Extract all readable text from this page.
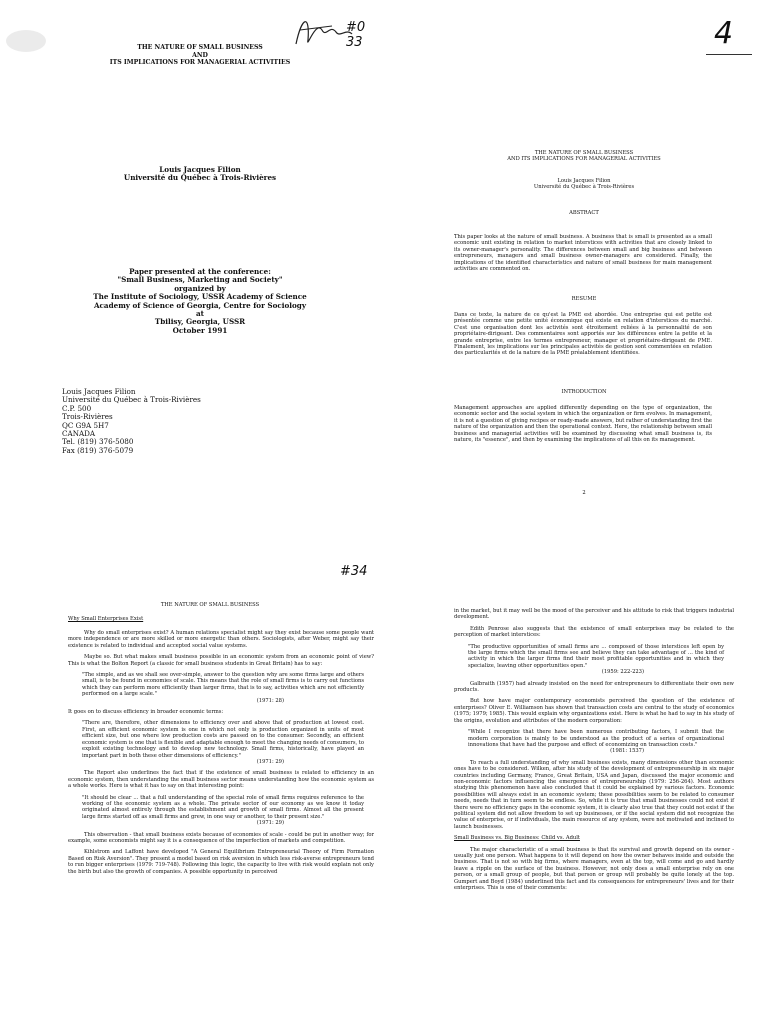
#0 33
THE NATURE OF SMALL BUSINESS
AND
ITS IMPLICATIONS FOR MANAGERIAL ACTIVITIES
Louis Jacques Filion
Université du Québec à Trois-Rivières
Paper presented at the conference:
"Small Business, Marketing and Society"
organized by
The Institute of Sociology, USSR Academy of Science
Academy of Science of Georgia, Centre for Sociology
at
Tbilisy, Georgia, USSR
October 1991
Louis Jacques Filion
Université du Québec à Trois-Rivières
C.P. 500
Trois-Rivières
QC G9A 5H7
CANADA
Tel. (819) 376-5080
Fax (819) 376-5079
4
THE NATURE OF SMALL BUSINESS
AND ITS IMPLICATIONS FOR MANAGERIAL ACTIVITIES
Louis Jacques Filion
Université du Québec à Trois-Rivières
ABSTRACT
This paper looks at the nature of small business. A business that is small is presented as a small economic unit existing in relation to market interstices with activities that are closely linked to its owner-manager's personality. The differences between small and big business and between entrepreneurs, managers and small business owner-managers are considered. Finally, the implications of the identified characteristics and nature of small business for main management activities are commented on.
RESUME
Dans ce texte, la nature de ce qu'est la PME est abordée. Une entreprise qui est petite est présentée comme une petite unité économique qui existe en relation d'interstices du marché. C'est une organisation dont les activités sont étroitement reliées à la personnalité de son propriétaire-dirigeant. Des commentaires sont apportés sur les différences entre la petite et la grande entreprise, entre les termes entrepreneur, manager et propriétaire-dirigeant de PME. Finalement, les implications sur les principales activités de gestion sont commentées en relation des particularités et de la nature de la PME préalablement identifiées.
INTRODUCTION
Management approaches are applied differently depending on the type of organization, the economic sector and the social system in which the organization or firm evolves. In management, it is not a question of giving recipes or ready-made answers, but rather of understanding first the nature of the organization and then the operational context. Here, the relationship between small business and managerial activities will be examined by discussing what small business is, its nature, its "essence", and then by examining the implications of all this on its management.
2
#34
THE NATURE OF SMALL BUSINESS
Why Small Enterprises Exist

Why do small enterprises exist? A human relations specialist might say they exist because some people want more independence or are more skilled or more energetic than others. Sociologists, after Weber, might say their existence is related to individual and accepted social value systems.

Maybe so. But what makes small business possible in an economic system from an economic point of view? This is what the Bolton Report (a classic for small business students in Great Britain) has to say:

"The simple, and as we shall see over-simple, answer to the question why are some firms large and others small, is to be found in economies of scale. This means that the role of small firms is to carry out functions which they can perform more efficiently than larger firms, that is to say, activities which are not efficiently performed on a large scale."

(1971: 28)

It goes on to discuss efficiency in broader economic terms:

"There are, therefore, other dimensions to efficiency over and above that of production at lowest cost. First, an efficient economic system is one in which not only is production organized in units of most efficient size, but one where low production costs are passed on to the consumer. Secondly, an efficient economic system is one that is flexible and adaptable enough to meet the changing needs of consumers, to exploit existing technology and to develop new technology. Small firms, historically, have played an important part in both these other dimensions of efficiency."

(1971: 29)

The Report also underlines the fact that if the existence of small business is related to efficiency in an economic system, then understanding the small business sector means understanding how the economic system as a whole works. Here is what it has to say on that interesting point:

"It should be clear ... that a full understanding of the special role of small firms requires reference to the working of the economic system as a whole. The private sector of our economy as we know it today originated almost entirely through the establishment and growth of small firms. Almost all the present large firms started off as small firms and grew, in one way or another, to their present size."

(1971: 29)

This observation - that small business exists because of economies of scale - could be put in another way; for example, some economists might say it is a consequence of the imperfection of markets and competition.

Kihlstrom and Laffont have developed "A General Equilibrium Entrepreneurial Theory of Firm Formation Based on Risk Aversion". They present a model based on risk aversion in which less risk-averse entrepreneurs tend to run bigger enterprises (1979: 719-748). Following this logic, the capacity to live with risk would explain not only the birth but also the growth of companies. A possible opportunity in perceived

in the market, but it may well be the mood of the perceiver and his attitude to risk that triggers industrial development.

Edith Penrose also suggests that the existence of small enterprises may be related to the perception of market interstices:

"The productive opportunities of small firms are ... composed of those interstices left open by the large firms which the small firms see and believe they can take advantage of ... the kind of activity in which the larger firms find their most profitable opportunities and in which they specialize, leaving other opportunities open."

(1959: 222-223)

Galbraith (1957) had already insisted on the need for entrepreneurs to differentiate their own new products.

But how have major contemporary economists perceived the question of the existence of enterprises? Oliver E. Williamson has shown that transaction costs are central to the study of economics (1975; 1979; 1985). This would explain why organizations exist. Here is what he had to say in his study of the origins, evolution and attributes of the modern corporation:

"While I recognize that there have been numerous contributing factors, I submit that the modern corporation is mainly to be understood as the product of a series of organizational innovations that have had the purpose and effect of economizing on transaction costs."

(1981: 1537)

To reach a full understanding of why small business exists, many dimensions other than economic ones have to be considered. Wilken, after his study of the development of entrepreneurship in six major countries including Germany, France, Great Britain, USA and Japan, discussed the major economic and non-economic factors influencing the emergence of entrepreneurship (1979: 256-264). Most authors studying this phenomenon have also concluded that it could be explained by various factors. Economic possibilities will always exist in an economic system; these possibilities seem to be related to consumer needs, needs that in turn seem to be endless. So, while it is true that small businesses could not exist if there were no efficiency gaps in the economic system, it is clearly also true that they could not exist if the political system did not allow freedom to set up businesses, or if the social system did not recognize the value of enterprise, or if individuals, the main resource of any system, were not motivated and inclined to launch businesses.

Small Business vs. Big Business: Child vs. Adult

The major characteristic of a small business is that its survival and growth depend on its owner - usually just one person. What happens to it will depend on how the owner behaves inside and outside the business. That is not so with big firms, where managers, even at the top, will come and go and hardly leave a ripple on the surface of the business. However, not only does a small enterprise rely on one person, or a small group of people, but that person or group will probably be quite lonely at the top. Gumpert and Boyd (1984) underlined this fact and its consequences for entrepreneurs' lives and for their enterprises. This is one of their comments:
